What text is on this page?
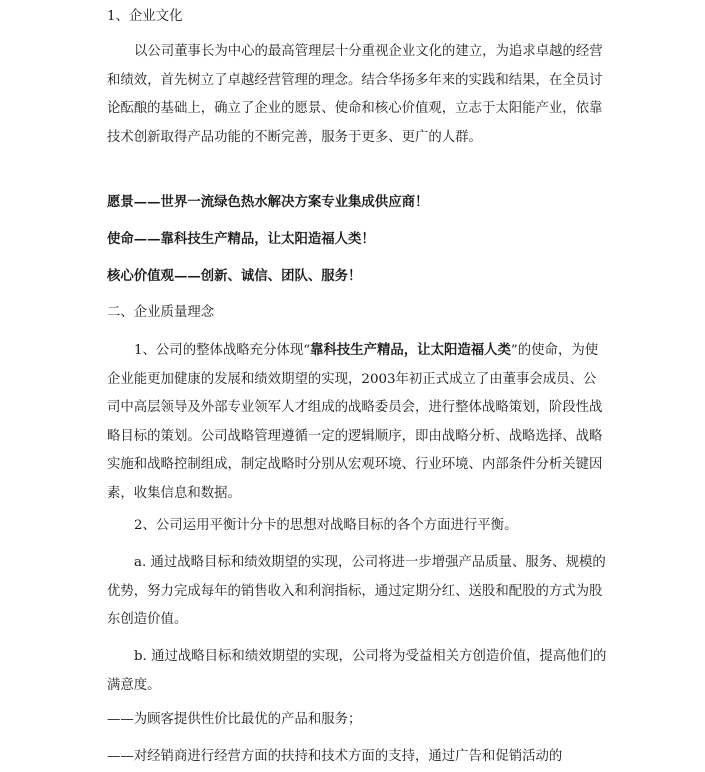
1、企业文化

以公司董事长为中心的最高管理层十分重视企业文化的建立，为追求卓越的经营和绩效，首先树立了卓越经营管理的理念。结合华扬多年来的实践和结果，在全员讨论酝酿的基础上，确立了企业的愿景、使命和核心价值观，立志于太阳能产业，依靠技术创新取得产品功能的不断完善，服务于更多、更广的人群。

愿景——世界一流绿色热水解决方案专业集成供应商！

使命——靠科技生产精品，让太阳造福人类！

核心价值观——创新、诚信、团队、服务！

二、企业质量理念

1、公司的整体战略充分体现“靠科技生产精品，让太阳造福人类”的使命，为使企业能更加健康的发展和绩效期望的实现，2003年初正式成立了由董事会成员、公司中高层领导及外部专业领军人才组成的战略委员会，进行整体战略策划，阶段性战略目标的策划。公司战略管理遵循一定的逻辑顺序，即由战略分析、战略选择、战略实施和战略控制组成，制定战略时分别从宏观环境、行业环境、内部条件分析关键因素，收集信息和数据。

2、公司运用平衡计分卡的思想对战略目标的各个方面进行平衡。

a. 通过战略目标和绩效期望的实现，公司将进一步增强产品质量、服务、规模的优势，努力完成每年的销售收入和利润指标，通过定期分红、送股和配股的方式为股东创造价值。

b. 通过战略目标和绩效期望的实现，公司将为受益相关方创造价值，提高他们的满意度。

——为顾客提供性价比最优的产品和服务；

——对经销商进行经营方面的扶持和技术方面的支持，通过广告和促销活动的
